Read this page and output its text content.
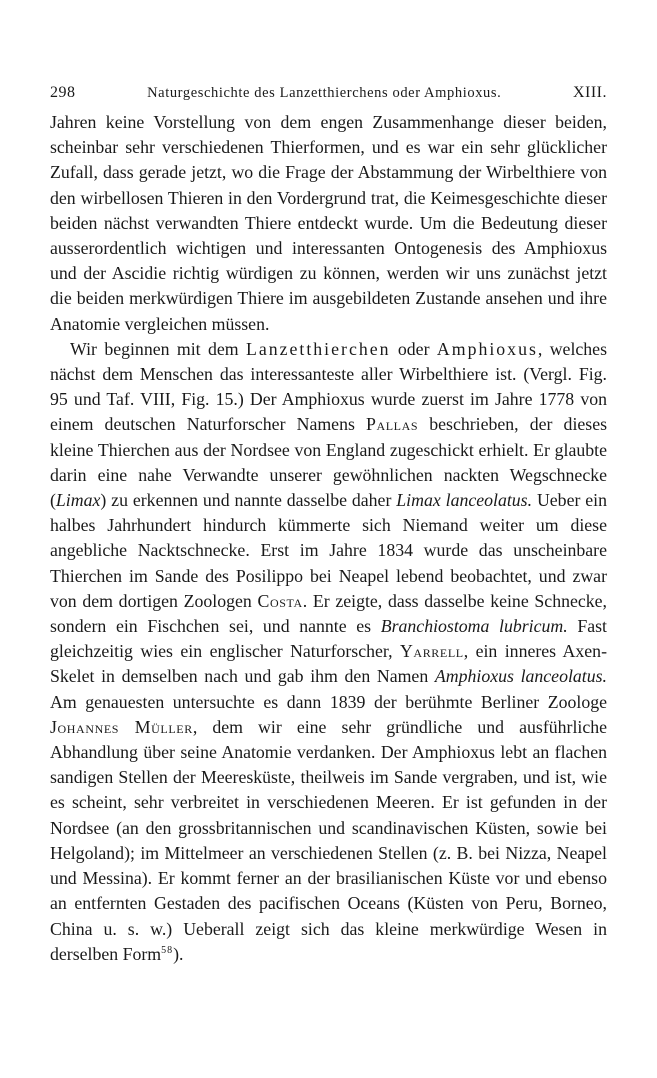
298	Naturgeschichte des Lanzetthierchens oder Amphioxus.	XIII.

Jahren keine Vorstellung von dem engen Zusammenhange dieser beiden, scheinbar sehr verschiedenen Thierformen, und es war ein sehr glücklicher Zufall, dass gerade jetzt, wo die Frage der Abstammung der Wirbelthiere von den wirbellosen Thieren in den Vordergrund trat, die Keimesgeschichte dieser beiden nächst verwandten Thiere entdeckt wurde. Um die Bedeutung dieser ausserordentlich wichtigen und interessanten Ontogenesis des Amphioxus und der Ascidie richtig würdigen zu können, werden wir uns zunächst jetzt die beiden merkwürdigen Thiere im ausgebildeten Zustande ansehen und ihre Anatomie vergleichen müssen.

Wir beginnen mit dem Lanzetthierchen oder Amphioxus, welches nächst dem Menschen das interessanteste aller Wirbelthiere ist. (Vergl. Fig. 95 und Taf. VIII, Fig. 15.) Der Amphioxus wurde zuerst im Jahre 1778 von einem deutschen Naturforscher Namens Pallas beschrieben, der dieses kleine Thierchen aus der Nordsee von England zugeschickt erhielt. Er glaubte darin eine nahe Verwandte unserer gewöhnlichen nackten Wegschnecke (Limax) zu erkennen und nannte dasselbe daher Limax lanceolatus. Ueber ein halbes Jahrhundert hindurch kümmerte sich Niemand weiter um diese angebliche Nacktschnecke. Erst im Jahre 1834 wurde das unscheinbare Thierchen im Sande des Posilippo bei Neapel lebend beobachtet, und zwar von dem dortigen Zoologen Costa. Er zeigte, dass dasselbe keine Schnecke, sondern ein Fischchen sei, und nannte es Branchiostoma lubricum. Fast gleichzeitig wies ein englischer Naturforscher, Yarrell, ein inneres Axen-Skelet in demselben nach und gab ihm den Namen Amphioxus lanceolatus. Am genauesten untersuchte es dann 1839 der berühmte Berliner Zoologe Johannes Müller, dem wir eine sehr gründliche und ausführliche Abhandlung über seine Anatomie verdanken. Der Amphioxus lebt an flachen sandigen Stellen der Meeresküste, theilweis im Sande vergraben, und ist, wie es scheint, sehr verbreitet in verschiedenen Meeren. Er ist gefunden in der Nordsee (an den grossbritannischen und scandinavischen Küsten, sowie bei Helgoland); im Mittelmeer an verschiedenen Stellen (z. B. bei Nizza, Neapel und Messina). Er kommt ferner an der brasilianischen Küste vor und ebenso an entfernten Gestaden des pacifischen Oceans (Küsten von Peru, Borneo, China u. s. w.) Ueberall zeigt sich das kleine merkwürdige Wesen in derselben Form$^{58}$).
